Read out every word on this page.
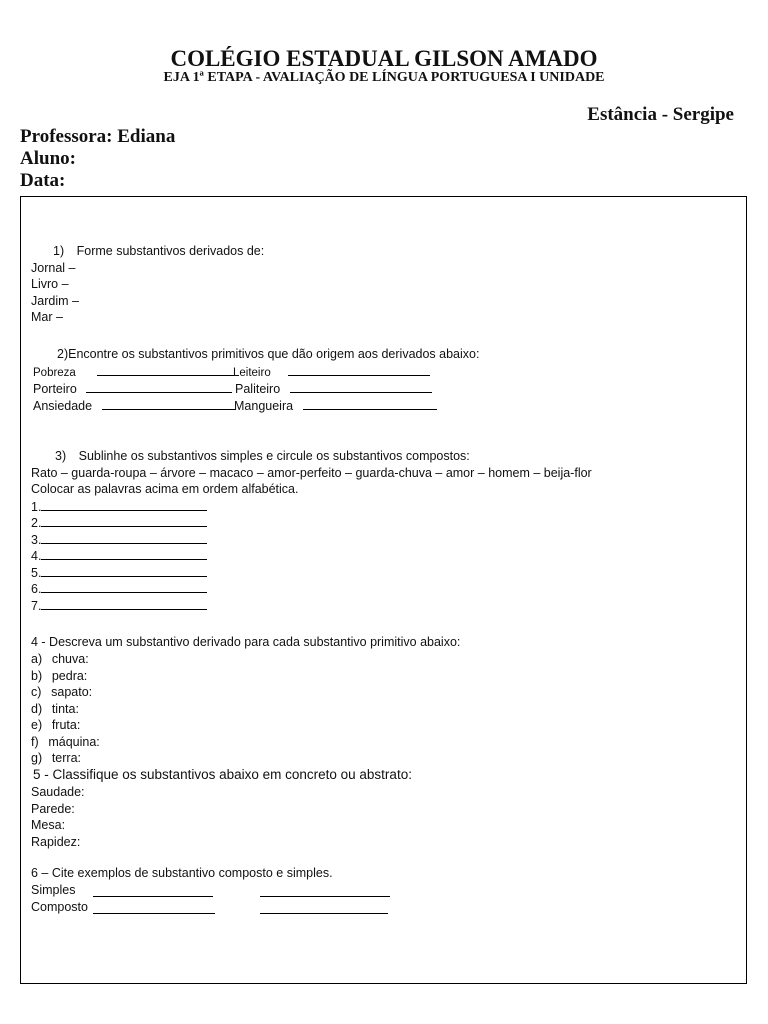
COLÉGIO ESTADUAL GILSON AMADO
EJA 1ª ETAPA - AVALIAÇÃO DE LÍNGUA PORTUGUESA I UNIDADE
Estância - Sergipe
Professora: Ediana
Aluno:
Data:
1) Forme substantivos derivados de:
Jornal –
Livro –
Jardim –
Mar –
2)Encontre os substantivos primitivos que dão origem aos derivados abaixo:
Pobreza	Leiteiro
Porteiro	Paliteiro
Ansiedade	Mangueira
3) Sublinhe os substantivos simples e circule os substantivos compostos:
Rato – guarda-roupa – árvore – macaco – amor-perfeito – guarda-chuva – amor – homem – beija-flor
Colocar as palavras acima em ordem alfabética.
1.
2.
3.
4.
5.
6.
7.
4 - Descreva um substantivo derivado para cada substantivo primitivo abaixo:
a)  chuva:
b)  pedra:
c)  sapato:
d)  tinta:
e)  fruta:
f)  máquina:
g)  terra:
5 - Classifique os substantivos abaixo em concreto ou abstrato:
Saudade:
Parede:
Mesa:
Rapidez:
6 – Cite exemplos de substantivo composto e simples.
Simples
Composto
